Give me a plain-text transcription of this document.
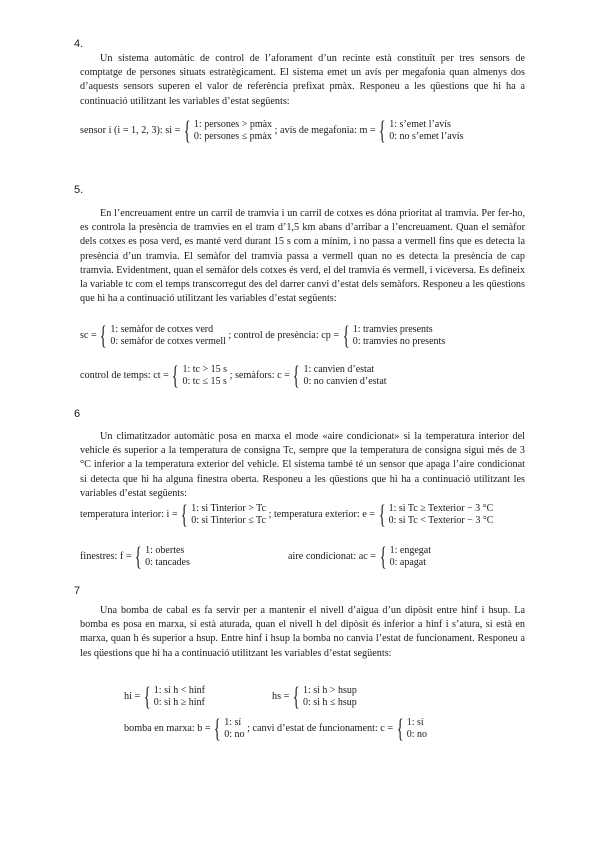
4.

Un sistema automàtic de control de l’aforament d’un recinte està constituït per tres sensors de comptatge de persones situats estratègicament. El sistema emet un avís per megafonia quan almenys dos d’aquests sensors superen el valor de referència prefixat pmàx. Responeu a les qüestions que hi ha a continuació utilitzant les variables d’estat següents:

sensor i (i = 1, 2, 3): si = { 1: persones > pmàx
0: persones ≤ pmàx
; avís de megafonia: m = { 1: s’emet l’avís
0: no s’emet l’avís
5.

En l’encreuament entre un carril de tramvia i un carril de cotxes es dóna prioritat al tramvia. Per fer-ho, es controla la presència de tramvies en el tram d’1,5 km abans d’arribar a l’encreuament. Quan el semàfor dels cotxes es posa verd, es manté verd durant 15 s com a mínim, i no passa a vermell fins que es detecta la presència d’un tramvia. El semàfor del tramvia passa a vermell quan no es detecta la presència de cap tramvia. Evidentment, quan el semàfor dels cotxes és verd, el del tramvia és vermell, i viceversa. Es defineix la variable tc com el temps transcorregut des del darrer canvi d’estat dels semàfors. Responeu a les qüestions que hi ha a continuació utilitzant les variables d’estat següents:

sc = { 1: semàfor de cotxes verd
0: semàfor de cotxes vermell
; control de presència: cp = { 1: tramvies presents
0: tramvies no presents
control de temps: ct = { 1: tc > 15 s
0: tc ≤ 15 s
; semàfors: c = { 1: canvien d’estat
0: no canvien d’estat
6

Un climatitzador automàtic posa en marxa el mode «aire condicionat» si la temperatura interior del vehicle és superior a la temperatura de consigna Tc, sempre que la temperatura de consigna sigui més de 3 °C inferior a la temperatura exterior del vehicle. El sistema també té un sensor que apaga l’aire condicionat si detecta que hi ha alguna finestra oberta. Responeu a les qüestions que hi ha a continuació utilitzant les variables d’estat següents:

temperatura interior: i = { 1: si Tinterior > Tc
0: si Tinterior ≤ Tc
; temperatura exterior: e = { 1: si Tc ≥ Texterior − 3 °C
0: si Tc < Texterior − 3 °C
finestres: f = { 1: obertes
0: tancades
aire condicionat: ac = { 1: engegat
0: apagat
7

Una bomba de cabal es fa servir per a mantenir el nivell d’aigua d’un dipòsit entre hinf i hsup. La bomba es posa en marxa, si està aturada, quan el nivell h del dipòsit és inferior a hinf i s’atura, si està en marxa, quan h és superior a hsup. Entre hinf i hsup la bomba no canvia l’estat de funcionament. Responeu a les qüestions que hi ha a continuació utilitzant les variables d’estat següents:

hi = { 1: si h < hinf
0: si h ≥ hinf
hs = { 1: si h > hsup
0: si h ≤ hsup
bomba en marxa: b = { 1: sí
0: no
; canvi d’estat de funcionament: c = { 1: sí
0: no
